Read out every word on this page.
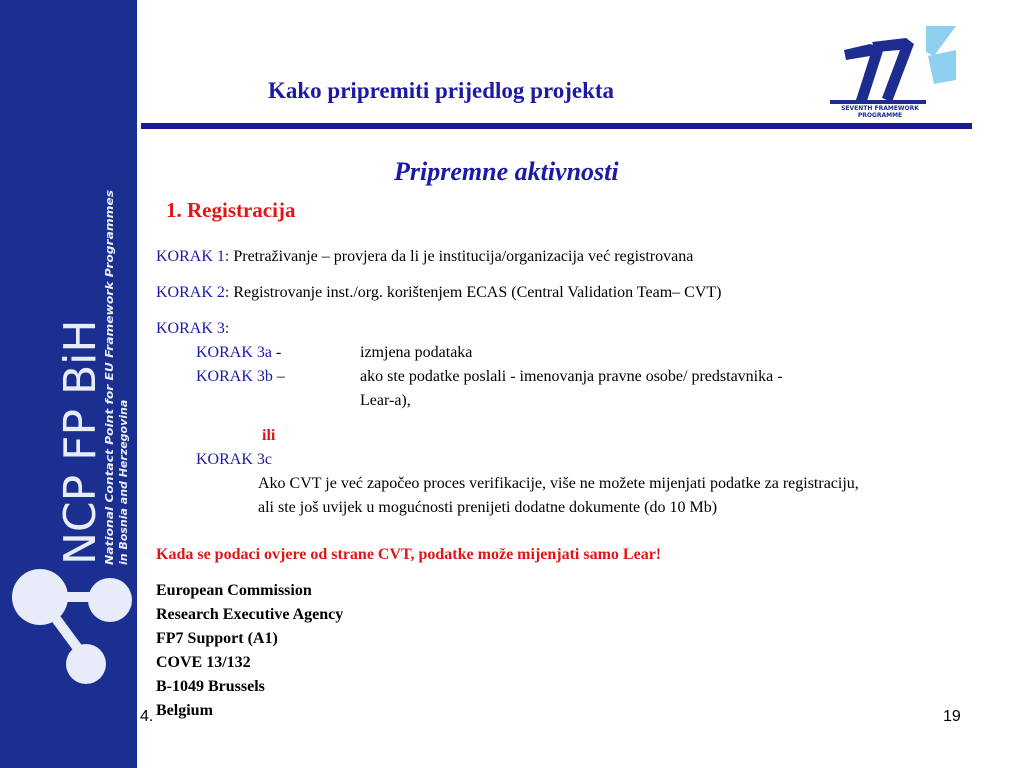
NCP FP BiH
National Contact Point for EU Framework Programmes in Bosnia and Herzegovina
Kako pripremiti prijedlog projekta
SEVENTH FRAMEWORK
PROGRAMME
Pripremne aktivnosti
1. Registracija
KORAK 1: Pretraživanje – provjera da li je institucija/organizacija već registrovana
KORAK 2: Registrovanje inst./org. korištenjem ECAS (Central Validation Team– CVT)
KORAK 3:
KORAK 3a -	izmjena podataka
KORAK 3b –	ako ste podatke poslali - imenovanja pravne osobe/ predstavnika -
Lear-a),
ili
KORAK 3c
Ako CVT je već započeo proces verifikacije, više ne možete mijenjati podatke za registraciju,
ali ste još uvijek u mogućnosti prenijeti dodatne dokumente (do 10 Mb)
Kada se podaci ovjere od strane CVT, podatke može mijenjati samo Lear!
European Commission
Research Executive Agency
FP7 Support (A1)
COVE 13/132
B-1049 Brussels
Belgium
4.	19
